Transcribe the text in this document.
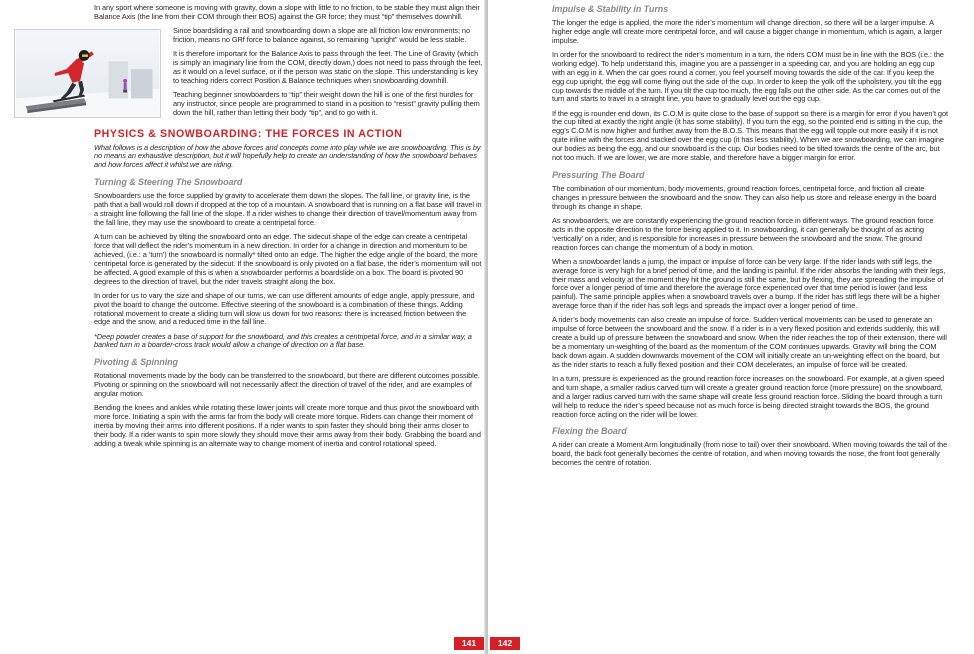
In any sport where someone is moving with gravity, down a slope with little to no friction, to be stable they must align their Balance Axis (the line from their COM through their BOS) against the GR force; they must “tip” themselves downhill.

Since boardsliding a rail and snowboarding down a slope are all friction low environments; no friction, means no GRf force to balance against, so remaining “upright” would be less stable.

It is therefore important for the Balance Axis to pass through the feet. The Line of Gravity (which is simply an imaginary line from the COM, directly down,) does not need to pass through the feet, as it would on a level surface, or if the person was static on the slope. This understanding is key to teaching riders correct Position & Balance techniques when snowboarding downhill.

Teaching beginner snowboarders to “tip” their weight down the hill is one of the first hurdles for any instructor, since people are programmed to stand in a position to “resist” gravity pulling them down the hill, rather than letting their body “tip”, and to go with it.

PHYSICS & SNOWBOARDING: THE FORCES IN ACTION

What follows is a description of how the above forces and concepts come into play while we are snowboarding. This is by no means an exhaustive description, but it will hopefully help to create an understanding of how the snowboard behaves and how forces affect it whilst we are riding.

Turning & Steering The Snowboard

Snowboarders use the force supplied by gravity to accelerate them down the slopes. The fall line, or gravity line, is the path that a ball would roll down if dropped at the top of a mountain. A snowboard that is running on a flat base will travel in a straight line following the fall line of the slope. If a rider wishes to change their direction of travel/momentum away from the fall line, they may use the snowboard to create a centripetal force.

A turn can be achieved by tilting the snowboard onto an edge. The sidecut shape of the edge can create a centripetal force that will deflect the rider’s momentum in a new direction. In order for a change in direction and momentum to be achieved, (i.e.: a ‘turn’) the snowboard is normally* tilted onto an edge. The higher the edge angle of the board, the more centripetal force is generated by the sidecut. If the snowboard is only pivoted on a flat base, the rider’s momentum will not be affected. A good example of this is when a snowboarder performs a boardslide on a box. The board is pivoted 90 degrees to the direction of travel, but the rider travels straight along the box.

In order for us to vary the size and shape of our turns, we can use different amounts of edge angle, apply pressure, and pivot the board to change the outcome. Effective steering of the snowboard is a combination of these things. Adding rotational movement to create a sliding turn will slow us down for two reasons: there is increased friction between the edge and the snow, and a reduced time in the fall line.

*Deep powder creates a base of support for the snowboard, and this creates a centripetal force, and in a similar way, a banked turn in a boarder-cross track would allow a change of direction on a flat base.

Pivoting & Spinning

Rotational movements made by the body can be transferred to the snowboard, but there are different outcomes possible. Pivoting or spinning on the snowboard will not necessarily affect the direction of travel of the rider, and are examples of angular motion.

Bending the knees and ankles while rotating these lower joints will create more torque and thus pivot the snowboard with more force. Initiating a spin with the arms far from the body will create more torque. Riders can change their moment of inertia by moving their arms into different positions. If a rider wants to spin faster they should bring their arms closer to their body. If a rider wants to spin more slowly they should move their arms away from their body. Grabbing the board and adding a tweak while spinning is an alternate way to change moment of inertia and control rotational speed.

141
Impulse & Stability in Turns

The longer the edge is applied, the more the rider’s momentum will change direction, so there will be a larger impulse. A higher edge angle will create more centripetal force, and will cause a bigger change in momentum, which is again, a larger impulse.

In order for the snowboard to redirect the rider’s momentum in a turn, the riders COM must be in line with the BOS (i.e.: the working edge). To help understand this, imagine you are a passenger in a speeding car, and you are holding an egg cup with an egg in it. When the car goes round a corner, you feel yourself moving towards the side of the car. If you keep the egg cup upright, the egg will come flying out the side of the cup. In order to keep the yolk off the upholstery, you tilt the egg cup towards the middle of the turn. If you tilt the cup too much, the egg falls out the other side. As the car comes out of the turn and starts to travel in a straight line, you have to gradually level out the egg cup.

If the egg is rounder end down, its C.O.M is quite close to the base of support so there is a margin for error if you haven’t got the cup tilted at exactly the right angle (it has some stability). If you turn the egg, so the pointed end is sitting in the cup, the egg’s C.O.M is now higher and further away from the B.O.S. This means that the egg will topple out more easily if it is not quite inline with the forces and stacked over the egg cup (it has less stability). When we are snowboarding, we can imagine our bodies as being the egg, and our snowboard is the cup. Our bodies need to be tilted towards the centre of the arc, but not too much. If we are lower, we are more stable, and therefore have a bigger margin for error.

Pressuring The Board

The combination of our momentum, body movements, ground reaction forces, centripetal force, and friction all create changes in pressure between the snowboard and the snow. They can also help us store and release energy in the board through its change in shape.

As snowboarders, we are constantly experiencing the ground reaction force in different ways. The ground reaction force acts in the opposite direction to the force being applied to it. In snowboarding, it can generally be thought of as acting ‘vertically’ on a rider, and is responsible for increases in pressure between the snowboard and the snow. The ground reaction forces can change the momentum of a body in motion.

When a snowboarder lands a jump, the impact or impulse of force can be very large. If the rider lands with stiff legs, the average force is very high for a brief period of time, and the landing is painful. If the rider absorbs the landing with their legs, their mass and velocity at the moment they hit the ground is still the same, but by flexing, they are spreading the impulse of force over a longer period of time and therefore the average force experienced over that time period is lower (and less painful). The same principle applies when a snowboard travels over a bump. If the rider has stiff legs there will be a higher average force than if the rider has soft legs and spreads the impact over a longer period of time.

A rider’s body movements can also create an impulse of force. Sudden vertical movements can be used to generate an impulse of force between the snowboard and the snow. If a rider is in a very flexed position and extends suddenly, this will create a build up of pressure between the snowboard and snow. When the rider reaches the top of their extension, there will be a momentary un-weighting of the board as the momentum of the COM continues upwards. Gravity will bring the COM back down again. A sudden downwards movement of the COM will initially create an un-weighting effect on the board, but as the rider starts to reach a fully flexed position and their COM decelerates, an impulse of force will be created.

In a turn, pressure is experienced as the ground reaction force increases on the snowboard. For example, at a given speed and turn shape, a smaller radius carved turn will create a greater ground reaction force (more pressure) on the snowboard, and a larger radius carved turn with the same shape will create less ground reaction force. Sliding the board through a turn will help to reduce the rider’s speed because not as much force is being directed straight towards the BOS, the ground reaction force acting on the rider will be lower.

Flexing the Board

A rider can create a Moment Arm longitudinally (from nose to tail) over their snowboard. When moving towards the tail of the board, the back foot generally becomes the centre of rotation, and when moving towards the nose, the front foot generally becomes the centre of rotation.

142
